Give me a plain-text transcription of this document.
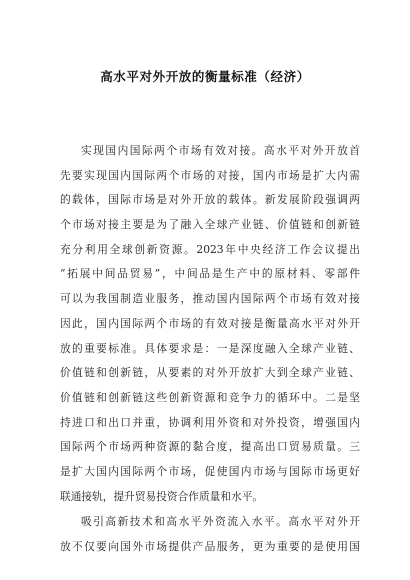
高水平对外开放的衡量标准（经济）
实现国内国际两个市场有效对接。高水平对外开放首
先要实现国内国际两个市场的对接，国内市场是扩大内需
的载体，国际市场是对外开放的载体。新发展阶段强调两
个市场对接主要是为了融入全球产业链、价值链和创新链
充分利用全球创新资源。2023年中央经济工作会议提出
“拓展中间品贸易”，中间品是生产中的原材料、零部件
可以为我国制造业服务，推动国内国际两个市场有效对接
因此，国内国际两个市场的有效对接是衡量高水平对外开
放的重要标准。具体要求是：一是深度融入全球产业链、
价值链和创新链，从要素的对外开放扩大到全球产业链、
价值链和创新链这些创新资源和竞争力的循环中。二是坚
持进口和出口并重，协调利用外资和对外投资，增强国内
国际两个市场两种资源的黏合度，提高出口贸易质量。三
是扩大国内国际两个市场，促使国内市场与国际市场更好
联通接轨，提升贸易投资合作质量和水平。
吸引高新技术和高水平外资流入水平。高水平对外开
放不仅要向国外市场提供产品服务，更为重要的是使用国
